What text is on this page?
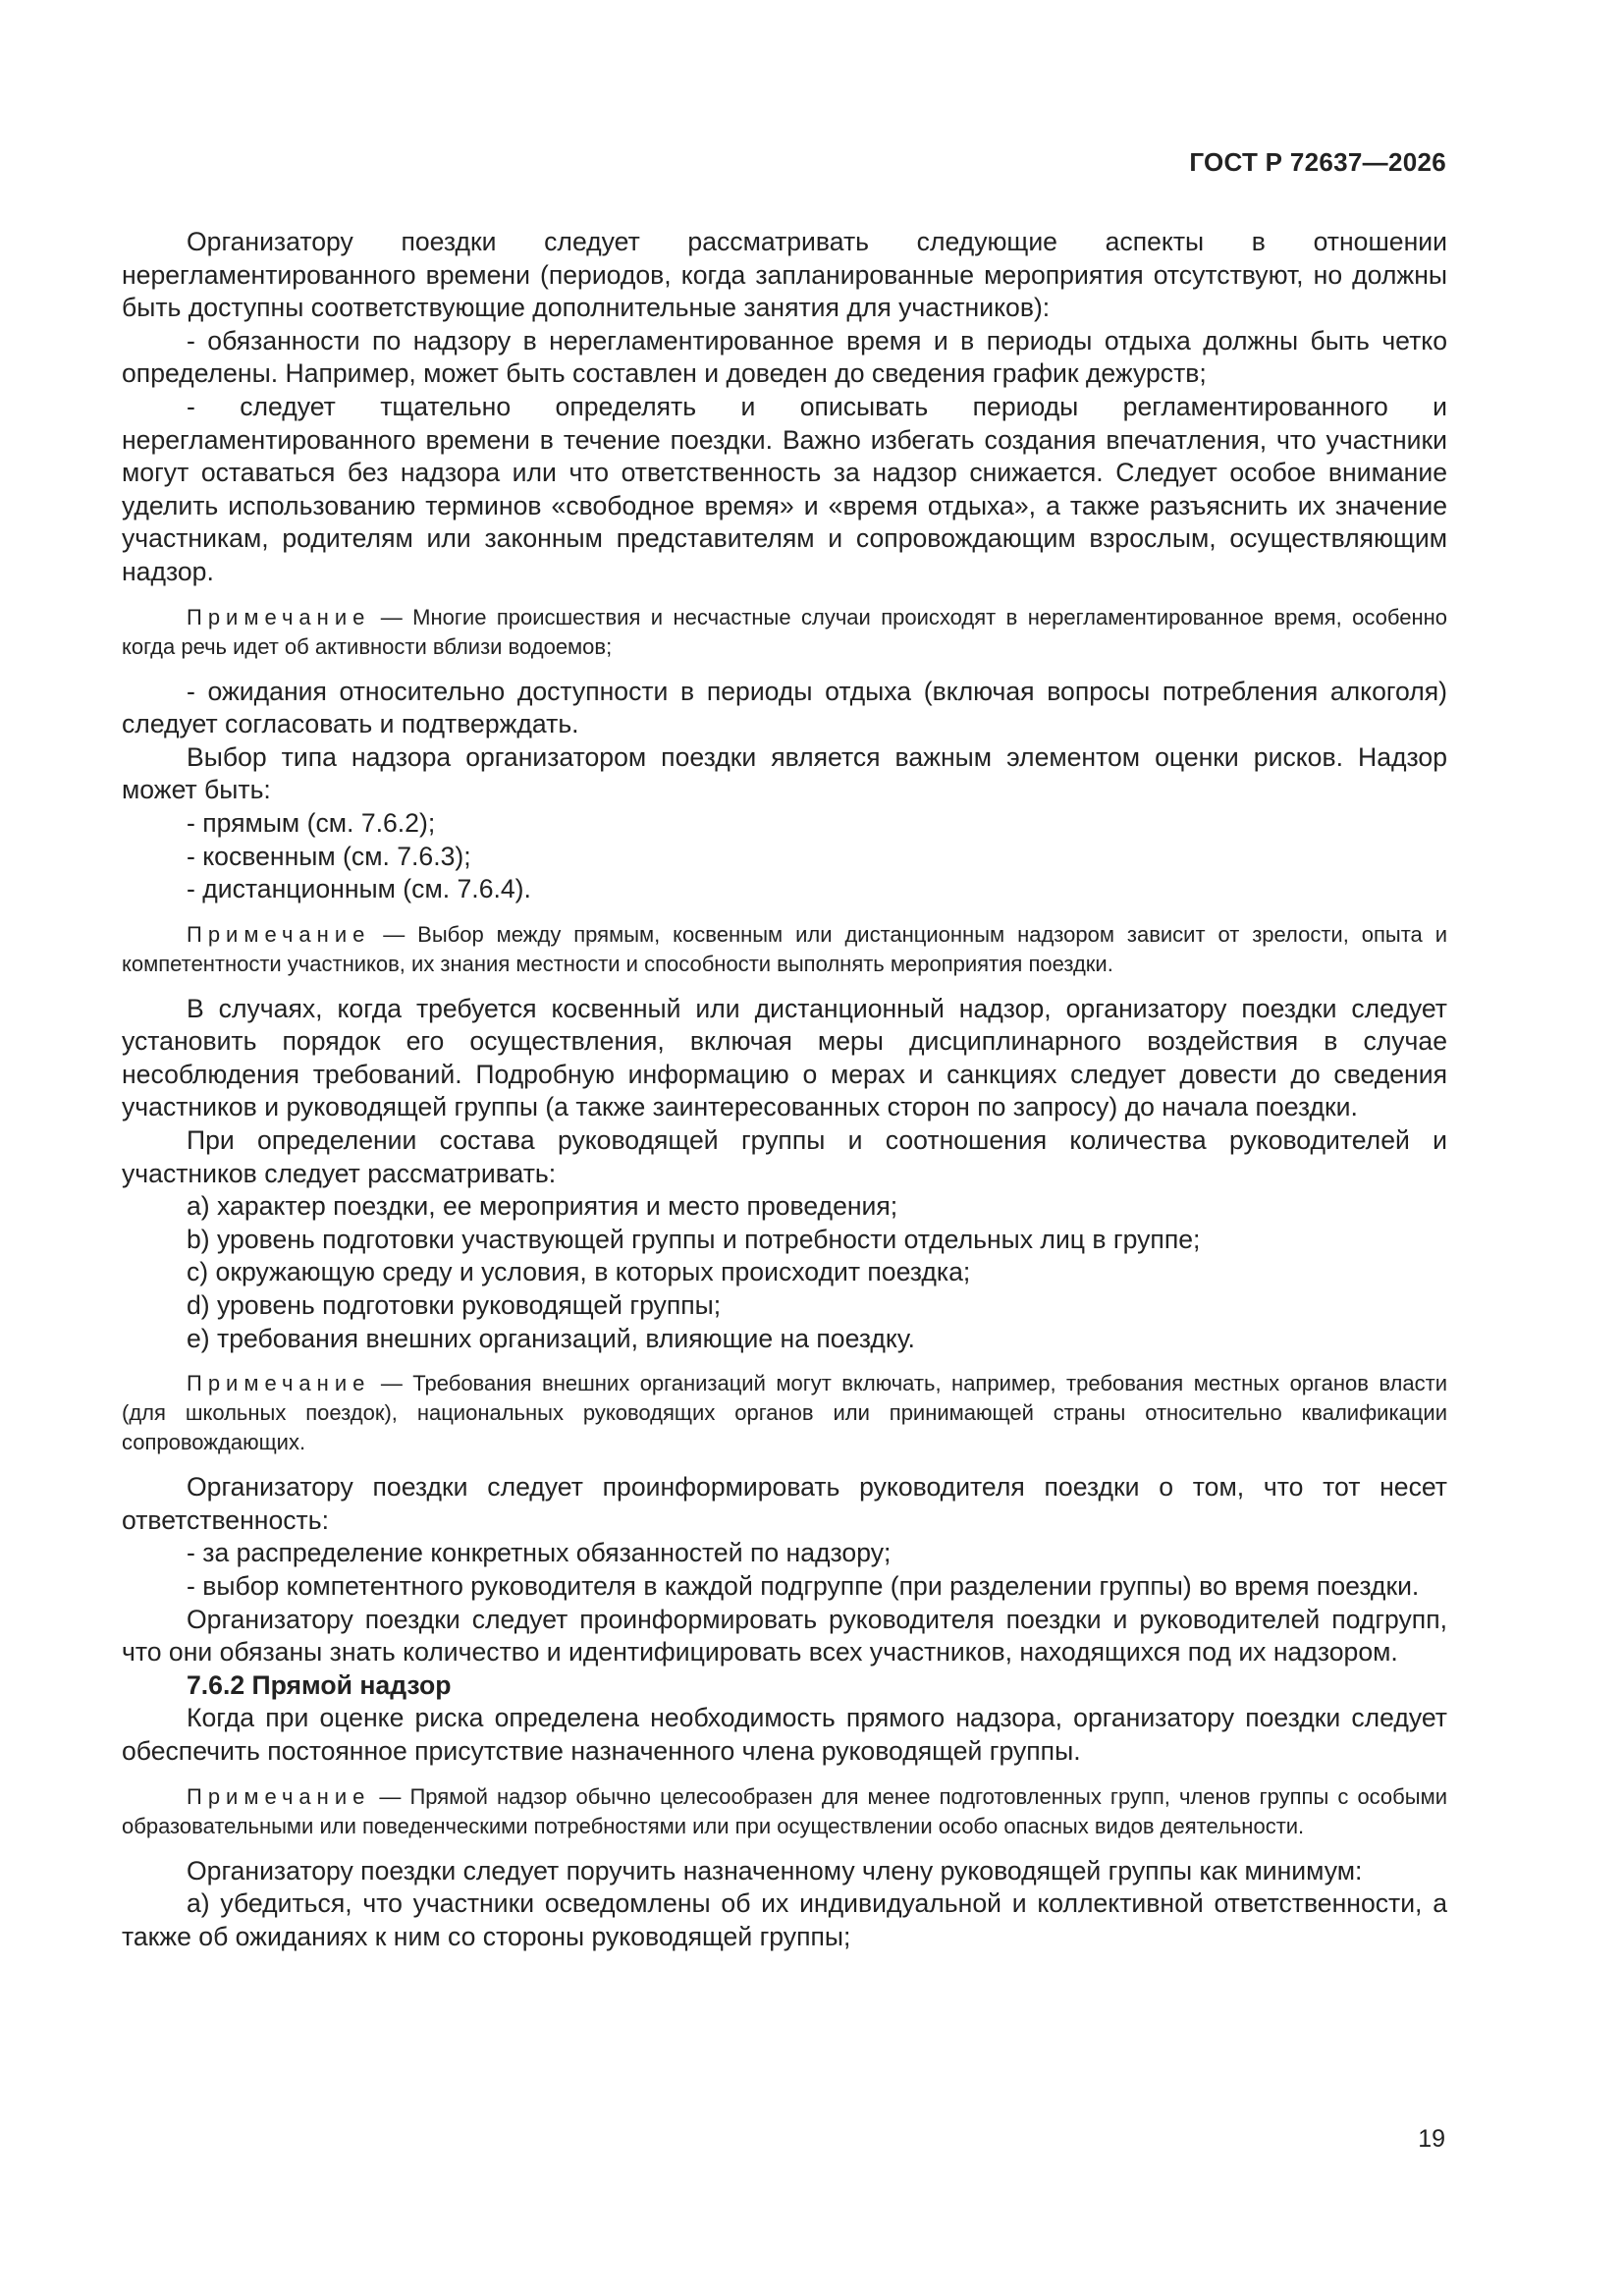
ГОСТ Р 72637—2026

Организатору поездки следует рассматривать следующие аспекты в отношении нерегламентированного времени (периодов, когда запланированные мероприятия отсутствуют, но должны быть доступны соответствующие дополнительные занятия для участников):

- обязанности по надзору в нерегламентированное время и в периоды отдыха должны быть четко определены. Например, может быть составлен и доведен до сведения график дежурств;

- следует тщательно определять и описывать периоды регламентированного и нерегламентированного времени в течение поездки. Важно избегать создания впечатления, что участники могут оставаться без надзора или что ответственность за надзор снижается. Следует особое внимание уделить использованию терминов «свободное время» и «время отдыха», а также разъяснить их значение участникам, родителям или законным представителям и сопровождающим взрослым, осуществляющим надзор.

Примечание — Многие происшествия и несчастные случаи происходят в нерегламентированное время, особенно когда речь идет об активности вблизи водоемов;

- ожидания относительно доступности в периоды отдыха (включая вопросы потребления алкоголя) следует согласовать и подтверждать.

Выбор типа надзора организатором поездки является важным элементом оценки рисков. Надзор может быть:

- прямым (см. 7.6.2);

- косвенным (см. 7.6.3);

- дистанционным (см. 7.6.4).

Примечание — Выбор между прямым, косвенным или дистанционным надзором зависит от зрелости, опыта и компетентности участников, их знания местности и способности выполнять мероприятия поездки.

В случаях, когда требуется косвенный или дистанционный надзор, организатору поездки следует установить порядок его осуществления, включая меры дисциплинарного воздействия в случае несоблюдения требований. Подробную информацию о мерах и санкциях следует довести до сведения участников и руководящей группы (а также заинтересованных сторон по запросу) до начала поездки.

При определении состава руководящей группы и соотношения количества руководителей и участников следует рассматривать:

a) характер поездки, ее мероприятия и место проведения;

b) уровень подготовки участвующей группы и потребности отдельных лиц в группе;

c) окружающую среду и условия, в которых происходит поездка;

d) уровень подготовки руководящей группы;

e) требования внешних организаций, влияющие на поездку.

Примечание — Требования внешних организаций могут включать, например, требования местных органов власти (для школьных поездок), национальных руководящих органов или принимающей страны относительно квалификации сопровождающих.

Организатору поездки следует проинформировать руководителя поездки о том, что тот несет ответственность:

- за распределение конкретных обязанностей по надзору;

- выбор компетентного руководителя в каждой подгруппе (при разделении группы) во время поездки.

Организатору поездки следует проинформировать руководителя поездки и руководителей подгрупп, что они обязаны знать количество и идентифицировать всех участников, находящихся под их надзором.

7.6.2 Прямой надзор

Когда при оценке риска определена необходимость прямого надзора, организатору поездки следует обеспечить постоянное присутствие назначенного члена руководящей группы.

Примечание — Прямой надзор обычно целесообразен для менее подготовленных групп, членов группы с особыми образовательными или поведенческими потребностями или при осуществлении особо опасных видов деятельности.

Организатору поездки следует поручить назначенному члену руководящей группы как минимум:

a) убедиться, что участники осведомлены об их индивидуальной и коллективной ответственности, а также об ожиданиях к ним со стороны руководящей группы;

19
